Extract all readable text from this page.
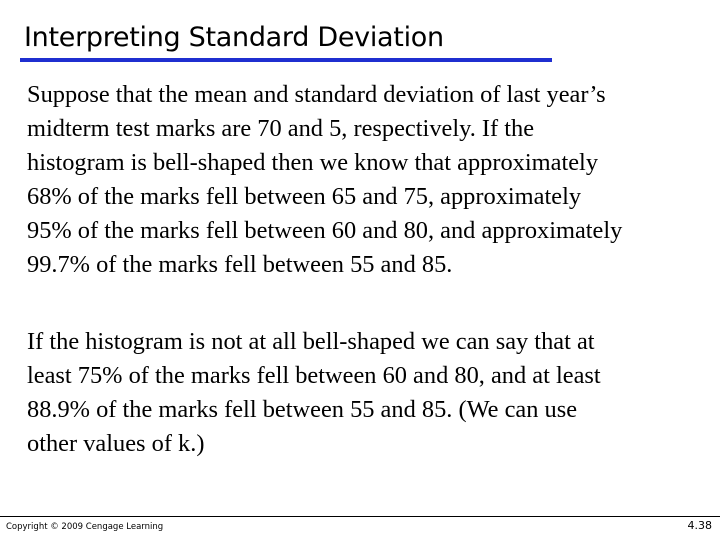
Interpreting Standard Deviation

Suppose that the mean and standard deviation of last year’s
midterm test marks are 70 and 5, respectively. If the
histogram is bell-shaped then we know that approximately
68% of the marks fell between 65 and 75, approximately
95% of the marks fell between 60 and 80, and approximately
99.7% of the marks fell between 55 and 85.

If the histogram is not at all bell-shaped we can say that at
least 75% of the marks fell between 60 and 80, and at least
88.9% of the marks fell between 55 and 85. (We can use
other values of k.)

Copyright © 2009 Cengage Learning	4.38
